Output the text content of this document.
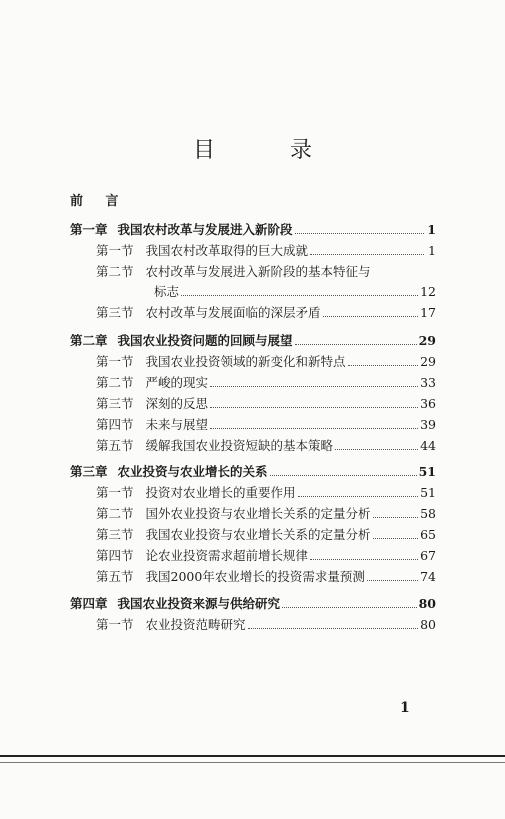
目 录
前 言
第一章 我国农村改革与发展进入新阶段	1
第一节 我国农村改革取得的巨大成就	1
第二节 农村改革与发展进入新阶段的基本特征与
标志	12
第三节 农村改革与发展面临的深层矛盾	17
第二章 我国农业投资问题的回顾与展望	29
第一节 我国农业投资领域的新变化和新特点	29
第二节 严峻的现实	33
第三节 深刻的反思	36
第四节 未来与展望	39
第五节 缓解我国农业投资短缺的基本策略	44
第三章 农业投资与农业增长的关系	51
第一节 投资对农业增长的重要作用	51
第二节 国外农业投资与农业增长关系的定量分析	58
第三节 我国农业投资与农业增长关系的定量分析	65
第四节 论农业投资需求超前增长规律	67
第五节 我国2000年农业增长的投资需求量预测	74
第四章 我国农业投资来源与供给研究	80
第一节 农业投资范畴研究	80
1
